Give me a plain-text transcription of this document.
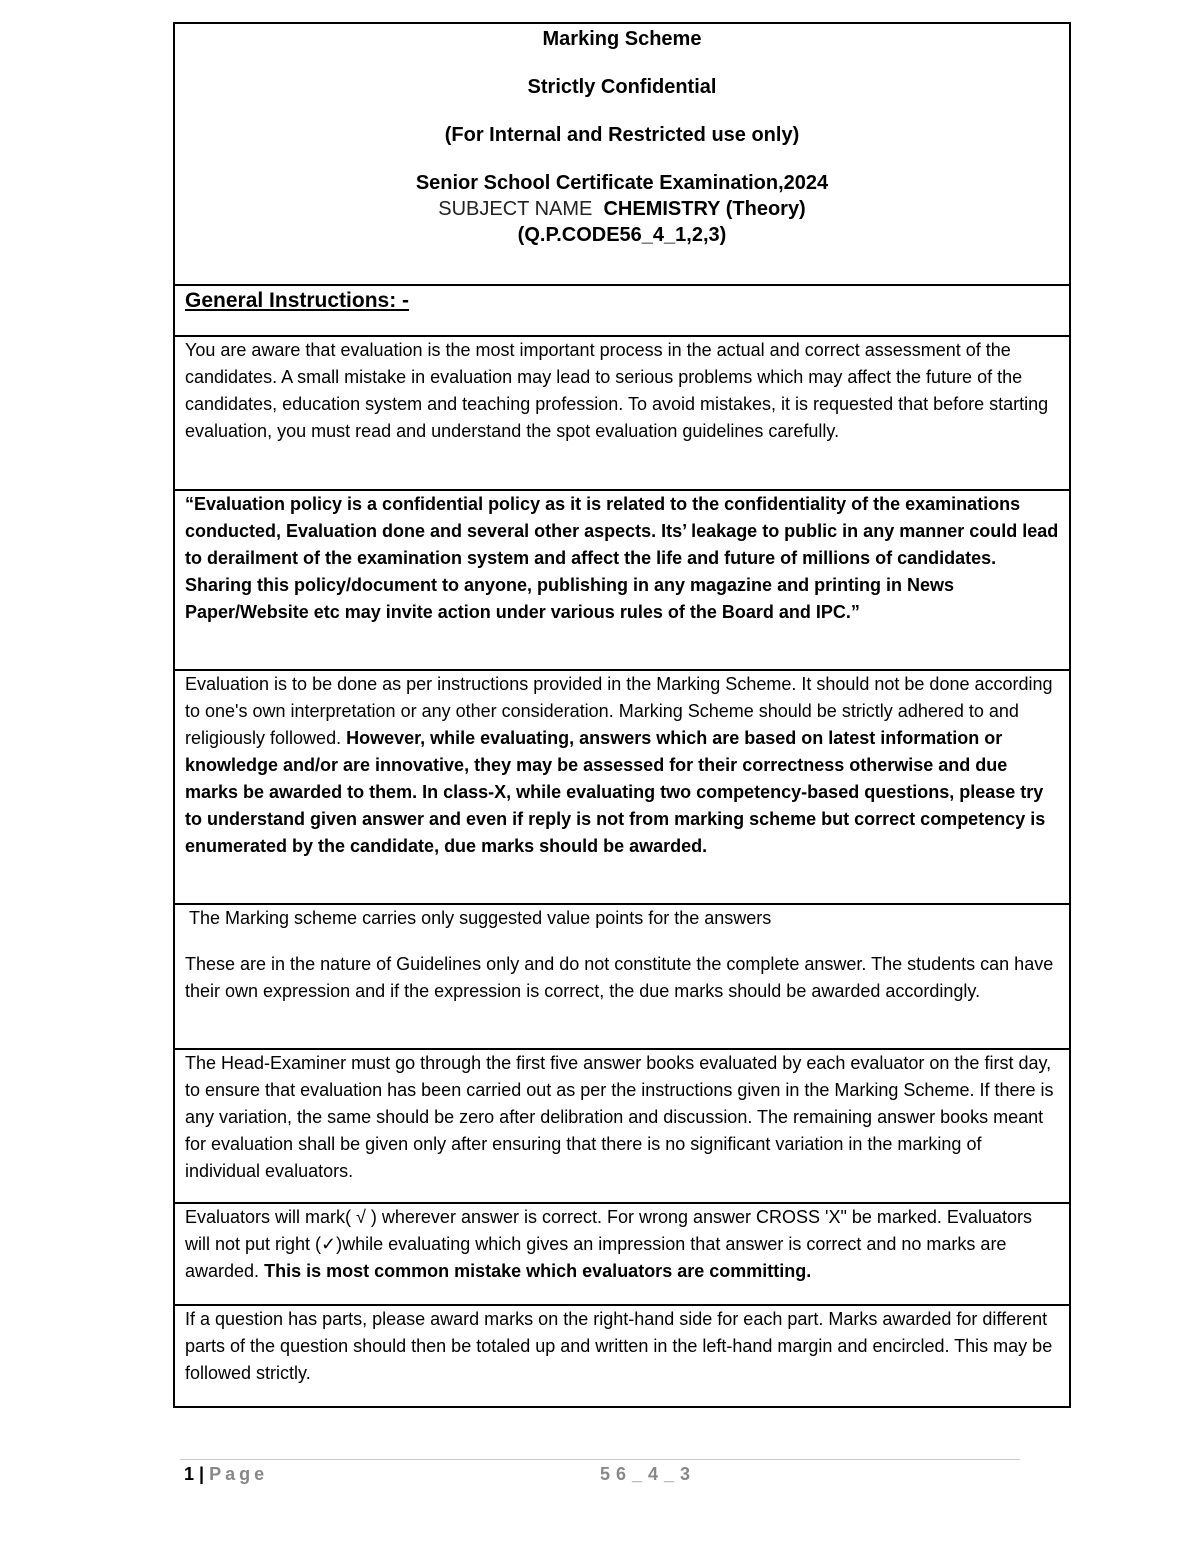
Marking Scheme

Strictly Confidential

(For Internal and Restricted use only)

Senior School Certificate Examination,2024

SUBJECT NAME CHEMISTRY (Theory)

(Q.P.CODE56_4_1,2,3)

General Instructions: -
You are aware that evaluation is the most important process in the actual and correct assessment of the candidates. A small mistake in evaluation may lead to serious problems which may affect the future of the candidates, education system and teaching profession. To avoid mistakes, it is requested that before starting evaluation, you must read and understand the spot evaluation guidelines carefully.
“Evaluation policy is a confidential policy as it is related to the confidentiality of the examinations conducted, Evaluation done and several other aspects. Its’ leakage to public in any manner could lead to derailment of the examination system and affect the life and future of millions of candidates. Sharing this policy/document to anyone, publishing in any magazine and printing in News Paper/Website etc may invite action under various rules of the Board and IPC.”
Evaluation is to be done as per instructions provided in the Marking Scheme. It should not be done according to one's own interpretation or any other consideration. Marking Scheme should be strictly adhered to and religiously followed. However, while evaluating, answers which are based on latest information or knowledge and/or are innovative, they may be assessed for their correctness otherwise and due marks be awarded to them. In class-X, while evaluating two competency-based questions, please try to understand given answer and even if reply is not from marking scheme but correct competency is enumerated by the candidate, due marks should be awarded.
The Marking scheme carries only suggested value points for the answers
These are in the nature of Guidelines only and do not constitute the complete answer. The students can have their own expression and if the expression is correct, the due marks should be awarded accordingly.
The Head-Examiner must go through the first five answer books evaluated by each evaluator on the first day, to ensure that evaluation has been carried out as per the instructions given in the Marking Scheme. If there is any variation, the same should be zero after delibration and discussion. The remaining answer books meant for evaluation shall be given only after ensuring that there is no significant variation in the marking of individual evaluators.
Evaluators will mark( √ ) wherever answer is correct. For wrong answer CROSS 'X" be marked. Evaluators will not put right (✓)while evaluating which gives an impression that answer is correct and no marks are awarded. This is most common mistake which evaluators are committing.
If a question has parts, please award marks on the right-hand side for each part. Marks awarded for different parts of the question should then be totaled up and written in the left-hand margin and encircled. This may be followed strictly.
1 | Page	56_4_3
